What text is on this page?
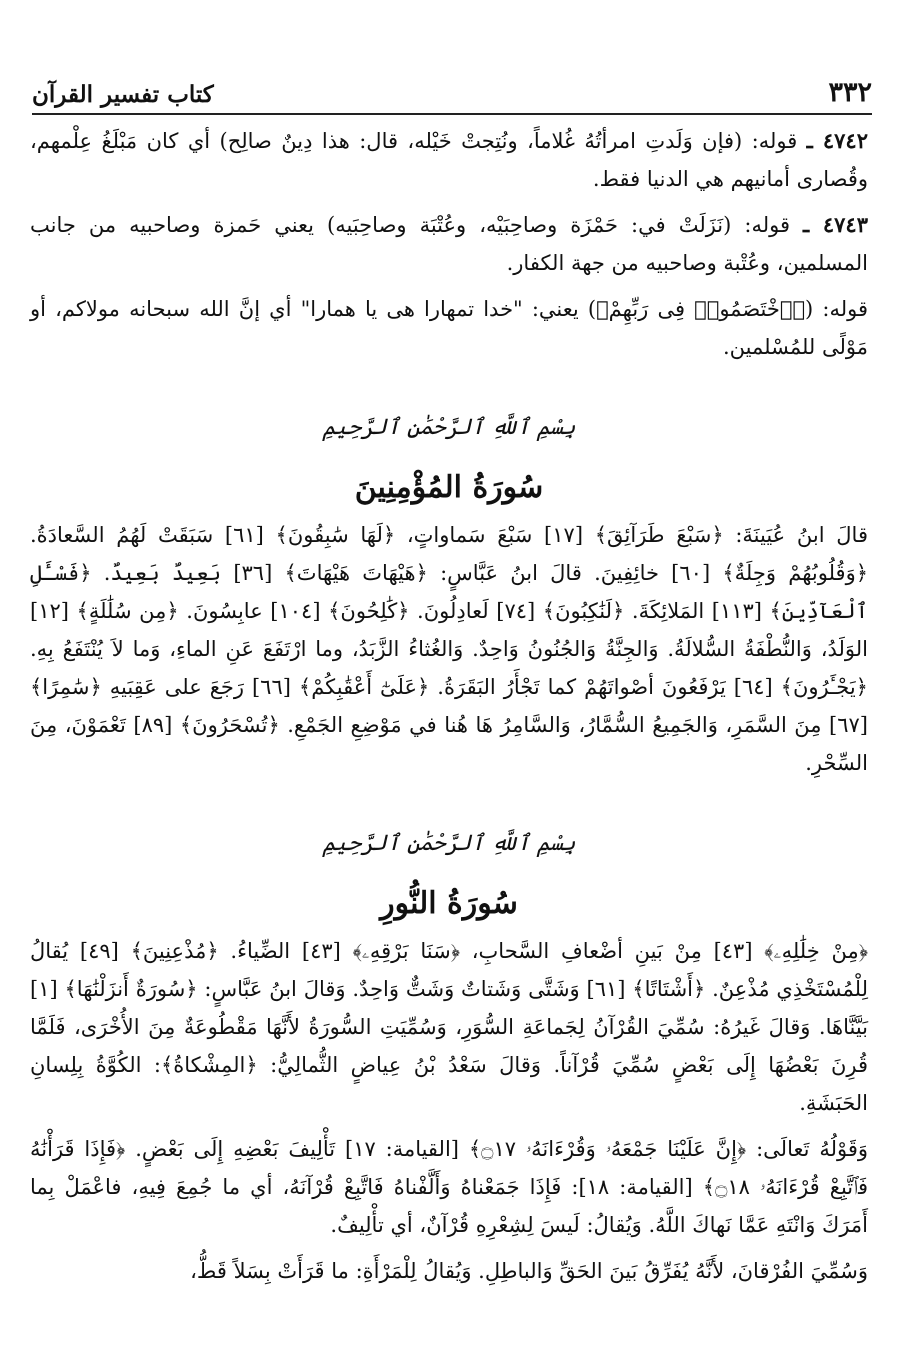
٣٣٢
كتاب تفسير القرآن

٤٧٤٢ ـ قوله: (فإن وَلَدتِ امرأتُهُ غُلاماً، ونُتِجتْ خَيْله، قال: هذا دِينٌ صالِح) أي كان مَبْلَغُ عِلْمهم، وقُصارى أمانيهم هي الدنيا فقط.

٤٧٤٣ ـ قوله: (نَزَلَتْ في: حَمْزَة وصاحِبَيْه، وعُتْبَة وصاحِبَيه) يعني حَمزة وصاحبيه من جانب المسلمين، وعُتْبة وصاحبيه من جهة الكفار.

قوله: (﴿ٱخْتَصَمُوا۟ فِى رَبِّهِمْ﴾) يعني: "خدا تمهارا هى يا همارا" أي إنَّ الله سبحانه مولاكم، أو مَوْلًى للمُسْلمين.

بِسْمِ ٱللَّهِ ٱلرَّحْمَٰنِ ٱلرَّحِيمِ
سُورَةُ المُؤْمِنِينَ

قالَ ابنُ عُيَينَةَ: ﴿سَبْعَ طَرَآئِقَ﴾ [١٧] سَبْعَ سَماواتٍ، ﴿لَهَا سَٰبِقُونَ﴾ [٦١] سَبَقَتْ لَهُمُ السَّعادَةُ. ﴿وَقُلُوبُهُمْ وَجِلَةٌ﴾ [٦٠] خائِفِينَ. قالَ ابنُ عَبَّاسٍ: ﴿هَيْهَاتَ هَيْهَاتَ﴾ [٣٦] بَعِيدٌ بَعِيدٌ. ﴿فَسْـَٔلِ ٱلْعَآدِّينَ﴾ [١١٣] المَلائِكَةَ. ﴿لَنَٰكِبُونَ﴾ [٧٤] لَعادِلُونَ. ﴿كَٰلِحُونَ﴾ [١٠٤] عابِسُونَ. ﴿مِن سُلَٰلَةٍ﴾ [١٢] الوَلَدُ، وَالنُّطْفَةُ السُّلالَةُ. وَالجِنَّةُ وَالجُنُونُ وَاحِدٌ. وَالغُثاءُ الزَّبَدُ، وما ارْتَفَعَ عَنِ الماءِ، وَما لاَ يُنْتَفَعُ بِهِ. ﴿يَجْـَٔرُونَ﴾ [٦٤] يَرْفَعُونَ أصْواتَهُمْ كما تَجْأَرُ البَقَرَةُ. ﴿عَلَىٰٓ أَعْقَٰبِكُمْ﴾ [٦٦] رَجَعَ على عَقِبَيهِ ﴿سَٰمِرًا﴾ [٦٧] مِنَ السَّمَرِ، وَالجَمِيعُ السُّمَّارُ، وَالسَّامِرُ هَا هُنا في مَوْضِعِ الجَمْعِ. ﴿تُسْحَرُونَ﴾ [٨٩] تَعْمَوْنَ، مِنَ السِّحْرِ.

بِسْمِ ٱللَّهِ ٱلرَّحْمَٰنِ ٱلرَّحِيمِ
سُورَةُ النُّورِ

﴿مِنْ خِلَٰلِهِۦ﴾ [٤٣] مِنْ بَينِ أضْعافِ السَّحابِ، ﴿سَنَا بَرْقِهِۦ﴾ [٤٣] الضِّياءُ. ﴿مُذْعِنِينَ﴾ [٤٩] يُقالُ لِلْمُسْتَخْذِي مُذْعِنٌ. ﴿أَشْتَاتًا﴾ [٦١] وَشَتَّى وَشَتاتٌ وَشَتٌّ وَاحِدٌ. وَقالَ ابنُ عَبَّاسٍ: ﴿سُورَةٌ أَنزَلْنَٰهَا﴾ [١] بَيَّنَّاهَا. وَقالَ غَيرُهُ: سُمِّيَ القُرْآنُ لِجَماعَةِ السُّوَرِ، وَسُمِّيَتِ السُّورَةُ لأَنَّهَا مَقْطُوعَةٌ مِنَ الأُخْرَى، فَلَمَّا قُرِنَ بَعْضُهَا إِلَى بَعْضٍ سُمِّيَ قُرْآناً. وَقالَ سَعْدُ بْنُ عِياضٍ الثُّمالِيُّ: ﴿المِشْكاةُ﴾: الكُوَّةُ بِلِسانِ الحَبَشَةِ.

وَقَوْلُهُ تَعالَى: ﴿إِنَّ عَلَيْنَا جَمْعَهُۥ وَقُرْءَانَهُۥ ۝١٧﴾ [القيامة: ١٧] تَأْلِيفَ بَعْضِهِ إِلَى بَعْضٍ. ﴿فَإِذَا قَرَأْنَٰهُ فَٱتَّبِعْ قُرْءَانَهُۥ ۝١٨﴾ [القيامة: ١٨]: فَإِذَا جَمَعْناهُ وَأَلَّفْناهُ فَاتَّبِعْ قُرْآنَهُ، أي ما جُمِعَ فِيهِ، فاعْمَلْ بِما أَمَرَكَ وَانْتَهِ عَمَّا نَهاكَ اللَّهُ. وَيُقالُ: لَيسَ لِشِعْرِهِ قُرْآنٌ، أي تأْلِيفٌ.

وَسُمِّيَ الفُرْقانَ، لأَنَّهُ يُفَرِّقُ بَينَ الحَقِّ وَالباطِلِ. وَيُقالُ لِلْمَرْأَةِ: ما قَرَأَتْ بِسَلاً قَطُّ،
